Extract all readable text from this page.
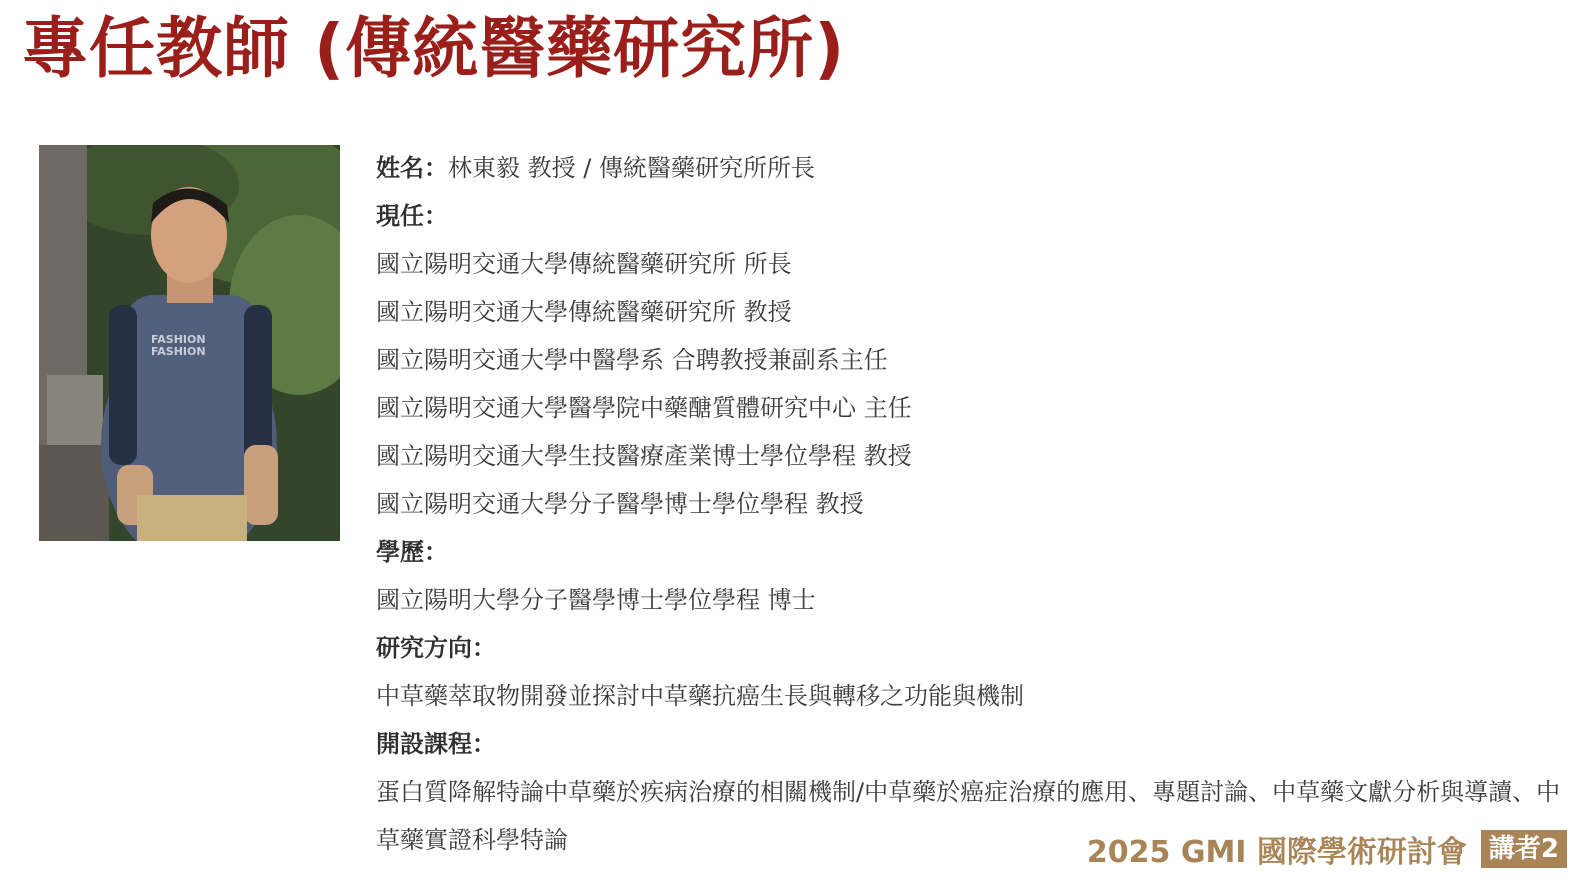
專任教師 (傳統醫藥研究所)
FASHION
FASHION
姓名：林東毅 教授 / 傳統醫藥研究所所長
現任：
國立陽明交通大學傳統醫藥研究所 所長
國立陽明交通大學傳統醫藥研究所 教授
國立陽明交通大學中醫學系 合聘教授兼副系主任
國立陽明交通大學醫學院中藥醣質體研究中心 主任
國立陽明交通大學生技醫療產業博士學位學程 教授
國立陽明交通大學分子醫學博士學位學程 教授
學歷：
國立陽明大學分子醫學博士學位學程 博士
研究方向：
中草藥萃取物開發並探討中草藥抗癌生長與轉移之功能與機制
開設課程：
蛋白質降解特論中草藥於疾病治療的相關機制/中草藥於癌症治療的應用、專題討論、中草藥文獻分析與導讀、中草藥實證科學特論	2025 GMI 國際學術研討會 講者2
